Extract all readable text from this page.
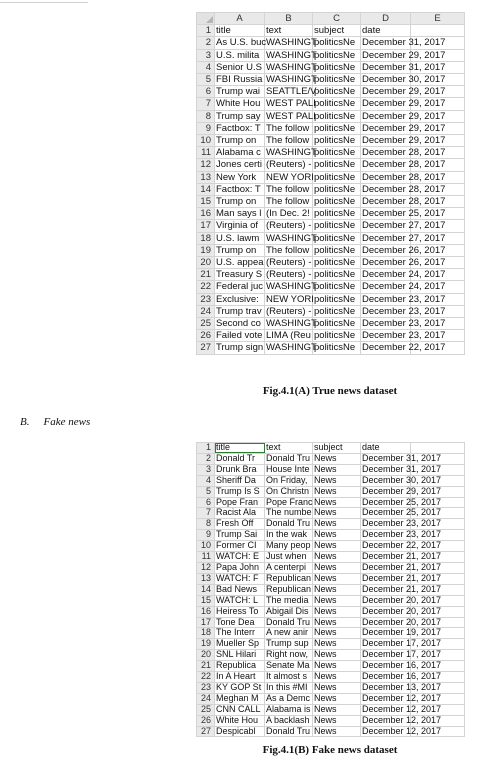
	A	B	C	D	E
1	title	text	subject	date	
2	As U.S. buc	WASHINGT	politicsNe	December 31, 2017	
3	U.S. milita	WASHINGT	politicsNe	December 29, 2017	
4	Senior U.S	WASHINGT	politicsNe	December 31, 2017	
5	FBI Russia	WASHINGT	politicsNe	December 30, 2017	
6	Trump wai	SEATTLE/V	politicsNe	December 29, 2017	
7	White Hou	WEST PALI	politicsNe	December 29, 2017	
8	Trump say	WEST PALI	politicsNe	December 29, 2017	
9	Factbox: T	The follow	politicsNe	December 29, 2017	
10	Trump on	The follow	politicsNe	December 29, 2017	
11	Alabama c	WASHINGT	politicsNe	December 28, 2017	
12	Jones certi	(Reuters) -	politicsNe	December 28, 2017	
13	New York	NEW YORI	politicsNe	December 28, 2017	
14	Factbox: T	The follow	politicsNe	December 28, 2017	
15	Trump on	The follow	politicsNe	December 28, 2017	
16	Man says l	(In Dec. 2!	politicsNe	December 25, 2017	
17	Virginia of	(Reuters) -	politicsNe	December 27, 2017	
18	U.S. lawm	WASHINGT	politicsNe	December 27, 2017	
19	Trump on	The follow	politicsNe	December 26, 2017	
20	U.S. appea	(Reuters) -	politicsNe	December 26, 2017	
21	Treasury S	(Reuters) -	politicsNe	December 24, 2017	
22	Federal juc	WASHINGT	politicsNe	December 24, 2017	
23	Exclusive:	NEW YORI	politicsNe	December 23, 2017	
24	Trump trav	(Reuters) -	politicsNe	December 23, 2017	
25	Second co	WASHINGT	politicsNe	December 23, 2017	
26	Failed vote	LIMA (Reu	politicsNe	December 23, 2017	
27	Trump sign	WASHINGT	politicsNe	December 22, 2017	
Fig.4.1(A) True news dataset
B. Fake news
1	title	text	subject	date	
2	Donald Tr	Donald Tru	News	December 31, 2017	
3	Drunk Bra	House Inte	News	December 31, 2017	
4	Sheriff Da	On Friday,	News	December 30, 2017	
5	Trump Is S	On Christn	News	December 29, 2017	
6	Pope Fran	Pope Franc	News	December 25, 2017	
7	Racist Ala	The numbe	News	December 25, 2017	
8	Fresh Off	Donald Tru	News	December 23, 2017	
9	Trump Sai	In the wak	News	December 23, 2017	
10	Former CI	Many peop	News	December 22, 2017	
11	WATCH: E	Just when	News	December 21, 2017	
12	Papa John	A centerpi	News	December 21, 2017	
13	WATCH: F	Republican	News	December 21, 2017	
14	Bad News	Republican	News	December 21, 2017	
15	WATCH: L	The media	News	December 20, 2017	
16	Heiress To	Abigail Dis	News	December 20, 2017	
17	Tone Dea	Donald Tru	News	December 20, 2017	
18	The Interr	A new anir	News	December 19, 2017	
19	Mueller Sp	Trump sup	News	December 17, 2017	
20	SNL Hilari	Right now,	News	December 17, 2017	
21	Republica	Senate Ma	News	December 16, 2017	
22	In A Heart	It almost s	News	December 16, 2017	
23	KY GOP St	In this #MI	News	December 13, 2017	
24	Meghan M	As a Demc	News	December 12, 2017	
25	CNN CALL	Alabama is	News	December 12, 2017	
26	White Hou	A backlash	News	December 12, 2017	
27	Despicabl	Donald Tru	News	December 12, 2017	
Fig.4.1(B) Fake news dataset
